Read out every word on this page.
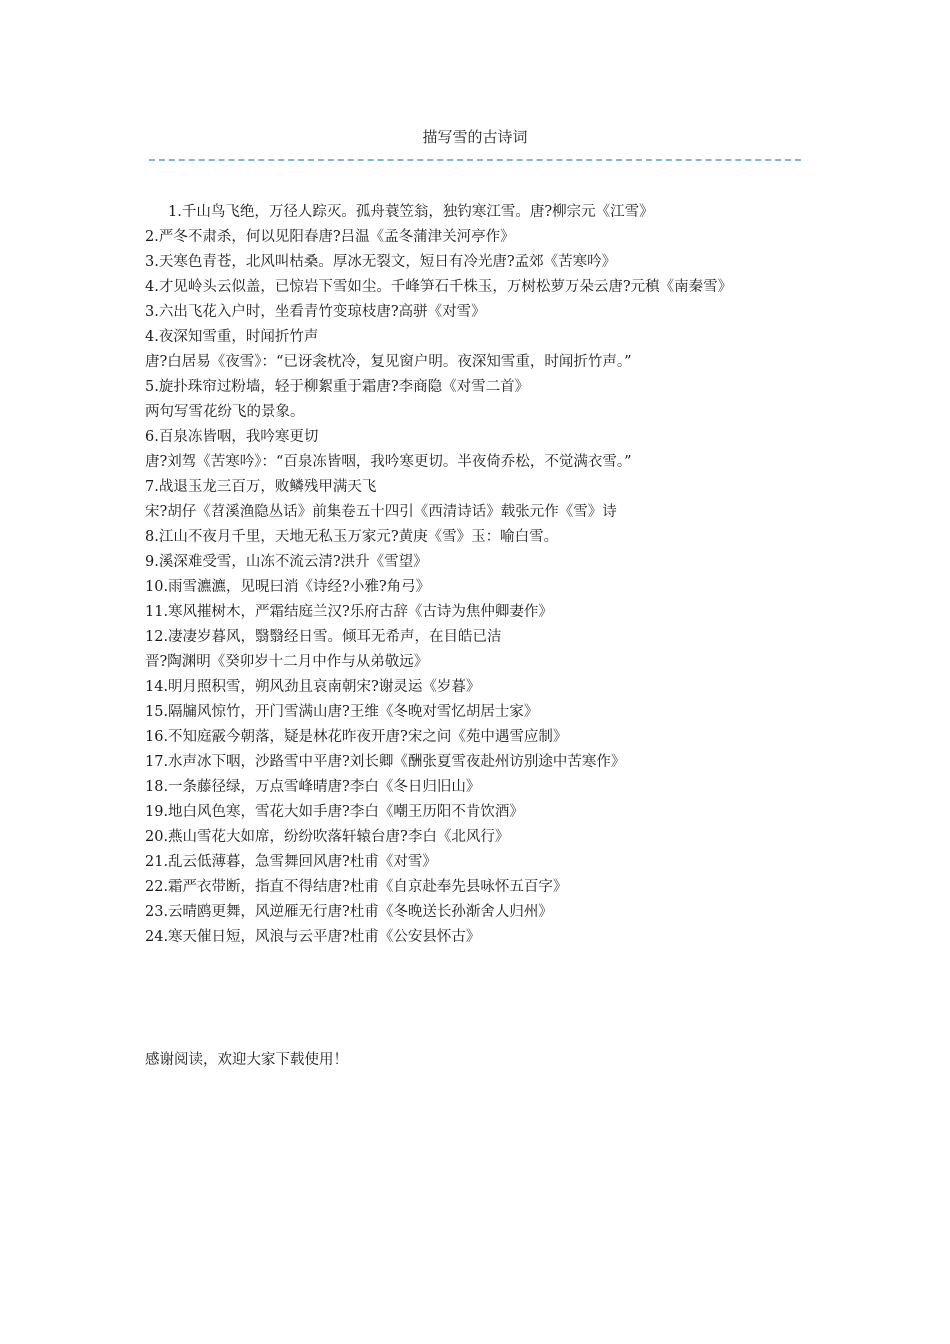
描写雪的古诗词
1.千山鸟飞绝，万径人踪灭。孤舟蓑笠翁，独钓寒江雪。唐?柳宗元《江雪》
2.严冬不肃杀，何以见阳春唐?吕温《孟冬蒲津关河亭作》
3.天寒色青苍，北风叫枯桑。厚冰无裂文，短日有冷光唐?孟郊《苦寒吟》
4.才见岭头云似盖，已惊岩下雪如尘。千峰笋石千株玉，万树松萝万朵云唐?元稹《南秦雪》
3.六出飞花入户时，坐看青竹变琼枝唐?高骈《对雪》
4.夜深知雪重，时闻折竹声
唐?白居易《夜雪》：“已讶衾枕冷，复见窗户明。夜深知雪重，时闻折竹声。”
5.旋扑珠帘过粉墙，轻于柳絮重于霜唐?李商隐《对雪二首》
两句写雪花纷飞的景象。
6.百泉冻皆咽，我吟寒更切
唐?刘驾《苦寒吟》：“百泉冻皆咽，我吟寒更切。半夜倚乔松，不觉满衣雪。”
7.战退玉龙三百万，败鳞残甲满天飞
宋?胡仔《苕溪渔隐丛话》前集卷五十四引《西清诗话》载张元作《雪》诗
8.江山不夜月千里，天地无私玉万家元?黄庚《雪》玉：喻白雪。
9.溪深难受雪，山冻不流云清?洪升《雪望》
10.雨雪瀌瀌，见晛曰消《诗经?小雅?角弓》
11.寒风摧树木，严霜结庭兰汉?乐府古辞《古诗为焦仲卿妻作》
12.凄凄岁暮风，翳翳经日雪。倾耳无希声，在目皓已洁
晋?陶渊明《癸卯岁十二月中作与从弟敬远》
14.明月照积雪，朔风劲且哀南朝宋?谢灵运《岁暮》
15.隔牖风惊竹，开门雪满山唐?王维《冬晚对雪忆胡居士家》
16.不知庭霰今朝落，疑是林花昨夜开唐?宋之问《苑中遇雪应制》
17.水声冰下咽，沙路雪中平唐?刘长卿《酬张夏雪夜赴州访别途中苦寒作》
18.一条藤径绿，万点雪峰晴唐?李白《冬日归旧山》
19.地白风色寒，雪花大如手唐?李白《嘲王历阳不肯饮酒》
20.燕山雪花大如席，纷纷吹落轩辕台唐?李白《北风行》
21.乱云低薄暮，急雪舞回风唐?杜甫《对雪》
22.霜严衣带断，指直不得结唐?杜甫《自京赴奉先县咏怀五百字》
23.云晴鸥更舞，风逆雁无行唐?杜甫《冬晚送长孙渐舍人归州》
24.寒天催日短，风浪与云平唐?杜甫《公安县怀古》
感谢阅读，欢迎大家下载使用！
